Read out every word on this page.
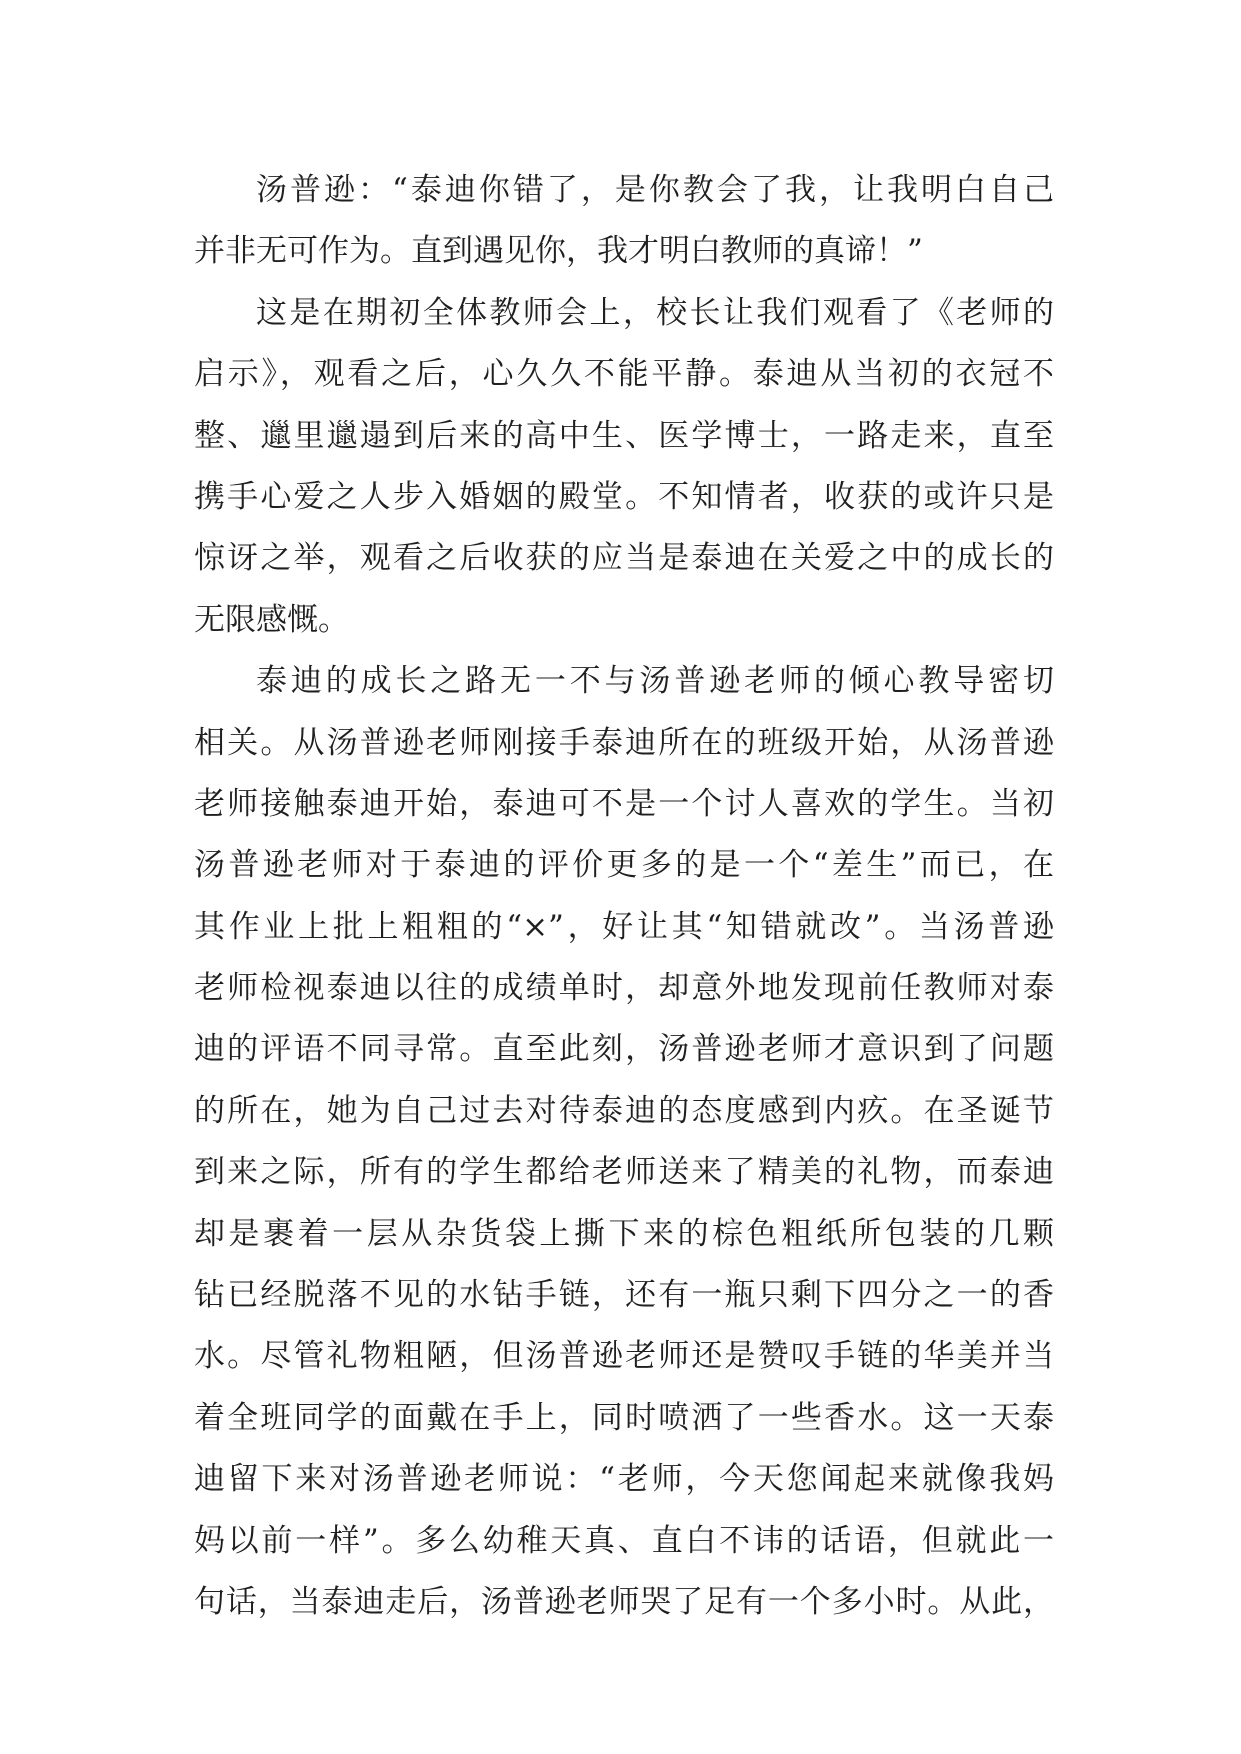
汤普逊：“泰迪你错了，是你教会了我，让我明白自己
并非无可作为。直到遇见你，我才明白教师的真谛！”
这是在期初全体教师会上，校长让我们观看了《老师的
启示》，观看之后，心久久不能平静。泰迪从当初的衣冠不
整、邋里邋遢到后来的高中生、医学博士，一路走来，直至
携手心爱之人步入婚姻的殿堂。不知情者，收获的或许只是
惊讶之举，观看之后收获的应当是泰迪在关爱之中的成长的
无限感慨。
泰迪的成长之路无一不与汤普逊老师的倾心教导密切
相关。从汤普逊老师刚接手泰迪所在的班级开始，从汤普逊
老师接触泰迪开始，泰迪可不是一个讨人喜欢的学生。当初
汤普逊老师对于泰迪的评价更多的是一个“差生”而已，在
其作业上批上粗粗的“×”，好让其“知错就改”。当汤普逊
老师检视泰迪以往的成绩单时，却意外地发现前任教师对泰
迪的评语不同寻常。直至此刻，汤普逊老师才意识到了问题
的所在，她为自己过去对待泰迪的态度感到内疚。在圣诞节
到来之际，所有的学生都给老师送来了精美的礼物，而泰迪
却是裹着一层从杂货袋上撕下来的棕色粗纸所包装的几颗
钻已经脱落不见的水钻手链，还有一瓶只剩下四分之一的香
水。尽管礼物粗陋，但汤普逊老师还是赞叹手链的华美并当
着全班同学的面戴在手上，同时喷洒了一些香水。这一天泰
迪留下来对汤普逊老师说：“老师，今天您闻起来就像我妈
妈以前一样”。多么幼稚天真、直白不讳的话语，但就此一
句话，当泰迪走后，汤普逊老师哭了足有一个多小时。从此，
